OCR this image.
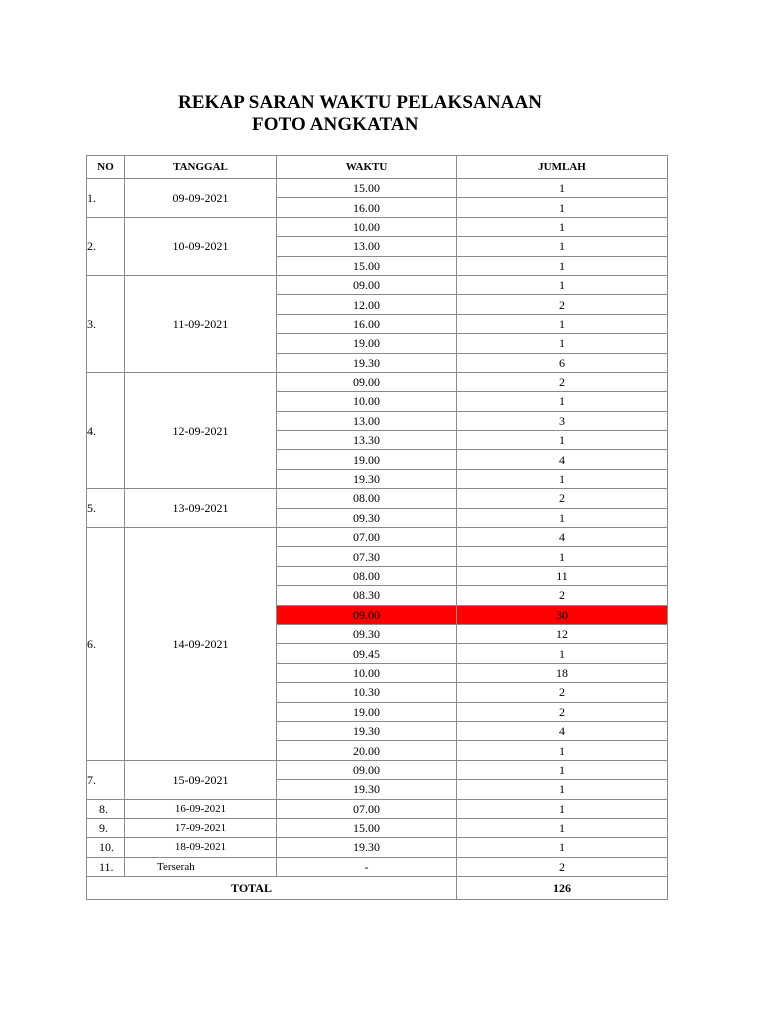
REKAP SARAN WAKTU PELAKSANAAN
FOTO ANGKATAN
NO	TANGGAL	WAKTU	JUMLAH
1.	09-09-2021	15.00	1
		16.00	1
2.	10-09-2021	10.00	1
		13.00	1
		15.00	1
3.	11-09-2021	09.00	1
		12.00	2
		16.00	1
		19.00	1
		19.30	6
4.	12-09-2021	09.00	2
		10.00	1
		13.00	3
		13.30	1
		19.00	4
		19.30	1
5.	13-09-2021	08.00	2
		09.30	1
6.	14-09-2021	07.00	4
		07.30	1
		08.00	11
		08.30	2
		09.00	30
		09.30	12
		09.45	1
		10.00	18
		10.30	2
		19.00	2
		19.30	4
		20.00	1
7.	15-09-2021	09.00	1
		19.30	1
8.	16-09-2021	07.00	1
9.	17-09-2021	15.00	1
10.	18-09-2021	19.30	1
11.	Terserah	-	2
TOTAL			126
